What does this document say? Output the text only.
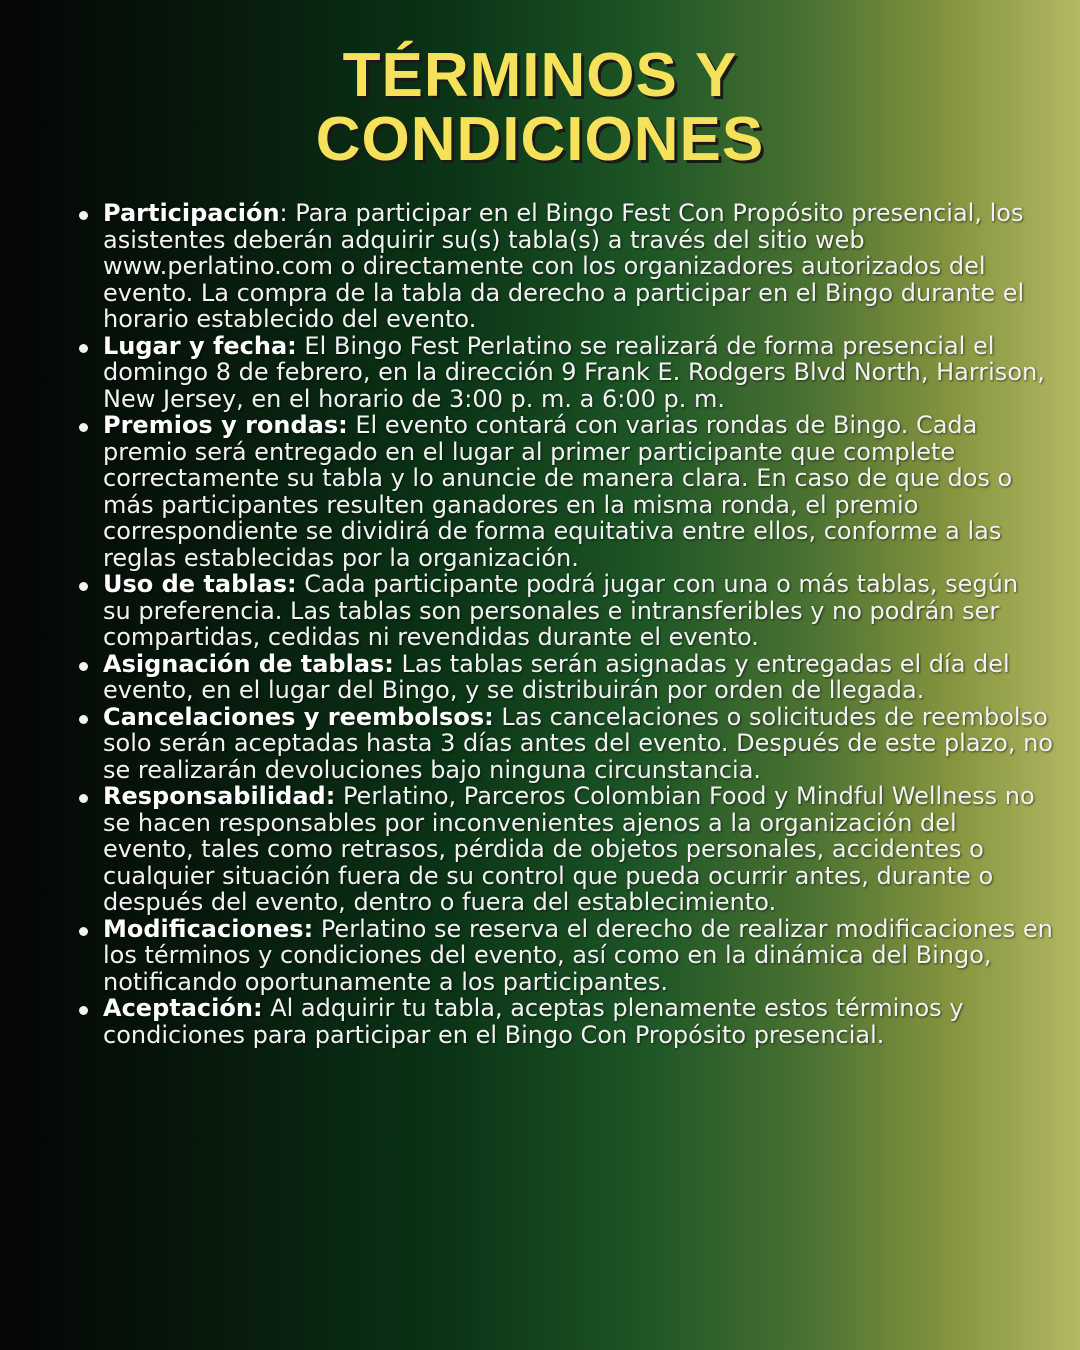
TÉRMINOS Y
CONDICIONES
Participación: Para participar en el Bingo Fest Con Propósito presencial, los asistentes deberán adquirir su(s) tabla(s) a través del sitio web www.perlatino.com o directamente con los organizadores autorizados del evento. La compra de la tabla da derecho a participar en el Bingo durante el horario establecido del evento.
Lugar y fecha: El Bingo Fest Perlatino se realizará de forma presencial el domingo 8 de febrero, en la dirección 9 Frank E. Rodgers Blvd North, Harrison, New Jersey, en el horario de 3:00 p. m. a 6:00 p. m.
Premios y rondas: El evento contará con varias rondas de Bingo. Cada premio será entregado en el lugar al primer participante que complete correctamente su tabla y lo anuncie de manera clara. En caso de que dos o más participantes resulten ganadores en la misma ronda, el premio correspondiente se dividirá de forma equitativa entre ellos, conforme a las reglas establecidas por la organización.
Uso de tablas: Cada participante podrá jugar con una o más tablas, según su preferencia. Las tablas son personales e intransferibles y no podrán ser compartidas, cedidas ni revendidas durante el evento.
Asignación de tablas: Las tablas serán asignadas y entregadas el día del evento, en el lugar del Bingo, y se distribuirán por orden de llegada.
Cancelaciones y reembolsos: Las cancelaciones o solicitudes de reembolso solo serán aceptadas hasta 3 días antes del evento. Después de este plazo, no se realizarán devoluciones bajo ninguna circunstancia.
Responsabilidad: Perlatino, Parceros Colombian Food y Mindful Wellness no se hacen responsables por inconvenientes ajenos a la organización del evento, tales como retrasos, pérdida de objetos personales, accidentes o cualquier situación fuera de su control que pueda ocurrir antes, durante o después del evento, dentro o fuera del establecimiento.
Modificaciones: Perlatino se reserva el derecho de realizar modificaciones en los términos y condiciones del evento, así como en la dinámica del Bingo, notificando oportunamente a los participantes.
Aceptación: Al adquirir tu tabla, aceptas plenamente estos términos y condiciones para participar en el Bingo Con Propósito presencial.
